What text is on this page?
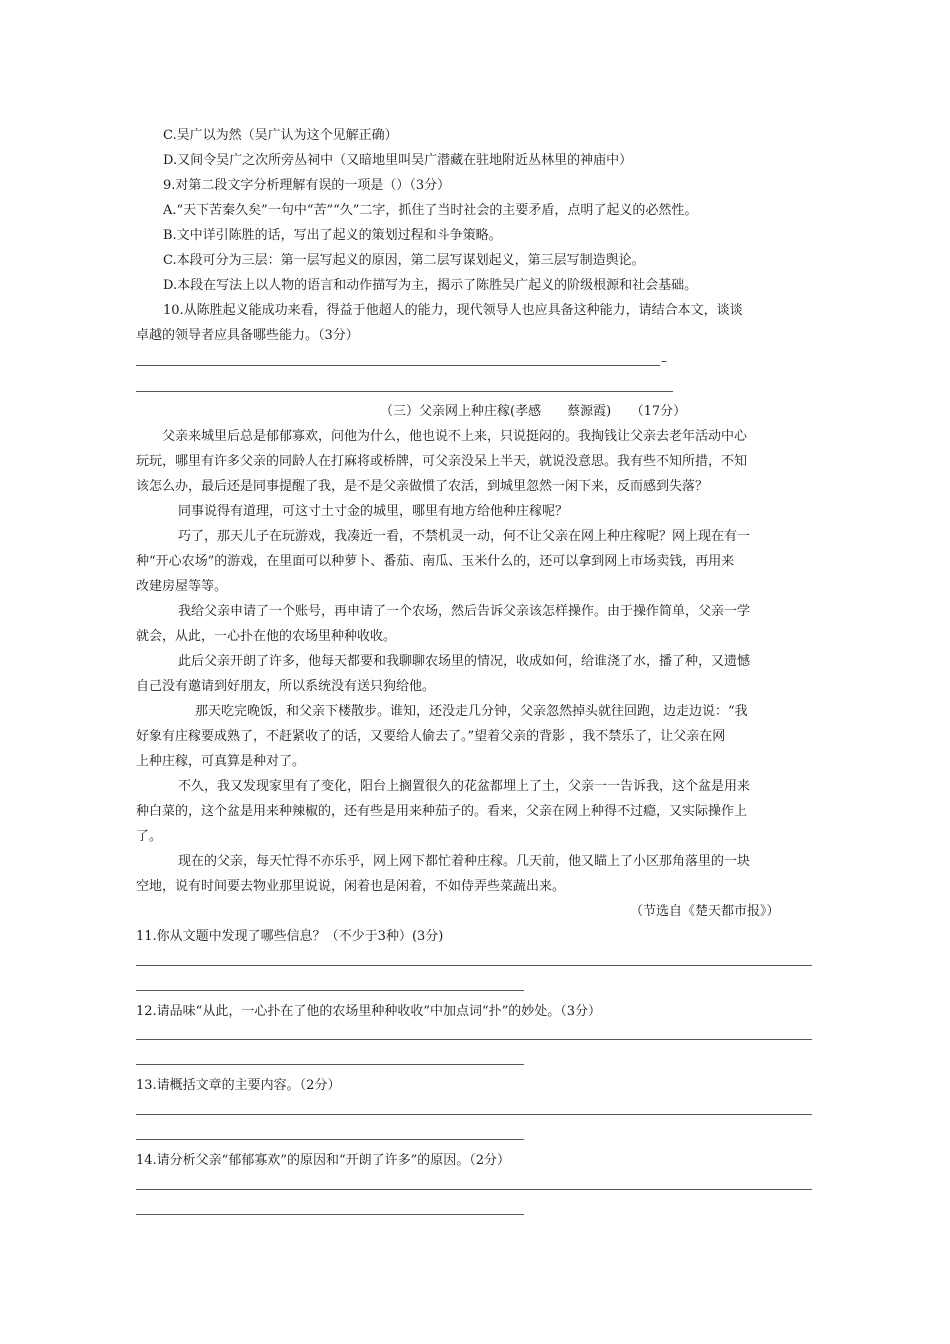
C.吴广以为然（吴广认为这个见解正确）
D.又间令吴广之次所旁丛祠中（又暗地里叫吴广潜藏在驻地附近丛林里的神庙中）
9.对第二段文字分析理解有误的一项是（）（3分）
A.“天下苦秦久矣”一句中“苦”“久”二字，抓住了当时社会的主要矛盾，点明了起义的必然性。
B.文中详引陈胜的话，写出了起义的策划过程和斗争策略。
C.本段可分为三层：第一层写起义的原因，第二层写谋划起义，第三层写制造舆论。
D.本段在写法上以人物的语言和动作描写为主，揭示了陈胜吴广起义的阶级根源和社会基础。
10.从陈胜起义能成功来看，得益于他超人的能力，现代领导人也应具备这种能力，请结合本文，谈谈
卓越的领导者应具备哪些能力。（3分）
–
（三）父亲网上种庄稼(孝感　　蔡源霞)　　（17分）
父亲来城里后总是郁郁寡欢，问他为什么，他也说不上来，只说挺闷的。我掏钱让父亲去老年活动中心
玩玩，哪里有许多父亲的同龄人在打麻将或桥牌，可父亲没呆上半天，就说没意思。我有些不知所措，不知
该怎么办，最后还是同事提醒了我，是不是父亲做惯了农活，到城里忽然一闲下来，反而感到失落？
同事说得有道理，可这寸土寸金的城里，哪里有地方给他种庄稼呢？
巧了，那天儿子在玩游戏，我凑近一看，不禁机灵一动，何不让父亲在网上种庄稼呢？网上现在有一
种“开心农场”的游戏，在里面可以种萝卜、番茄、南瓜、玉米什么的，还可以拿到网上市场卖钱，再用来
改建房屋等等。
我给父亲申请了一个账号，再申请了一个农场，然后告诉父亲该怎样操作。由于操作简单，父亲一学
就会，从此，一心扑在他的农场里种种收收。
此后父亲开朗了许多，他每天都要和我聊聊农场里的情况，收成如何，给谁浇了水，播了种，又遗憾
自己没有邀请到好朋友，所以系统没有送只狗给他。
那天吃完晚饭，和父亲下楼散步。谁知，还没走几分钟，父亲忽然掉头就往回跑，边走边说：“我
好象有庄稼要成熟了，不赶紧收了的话，又要给人偷去了。”望着父亲的背影 ，我不禁乐了，让父亲在网
上种庄稼，可真算是种对了。
不久，我又发现家里有了变化，阳台上搁置很久的花盆都埋上了土，父亲一一告诉我，这个盆是用来
种白菜的，这个盆是用来种辣椒的，还有些是用来种茄子的。看来，父亲在网上种得不过瘾，又实际操作上
了。
现在的父亲，每天忙得不亦乐乎，网上网下都忙着种庄稼。几天前，他又瞄上了小区那角落里的一块
空地，说有时间要去物业那里说说，闲着也是闲着，不如侍弄些菜蔬出来。
（节选自《楚天都市报》）
11.你从文题中发现了哪些信息？（不少于3种）(3分)
12.请品味“从此，一心扑在了他的农场里种种收收”中加点词“扑”的妙处。（3分）
13.请概括文章的主要内容。（2分）
14.请分析父亲“郁郁寡欢”的原因和“开朗了许多”的原因。（2分）
